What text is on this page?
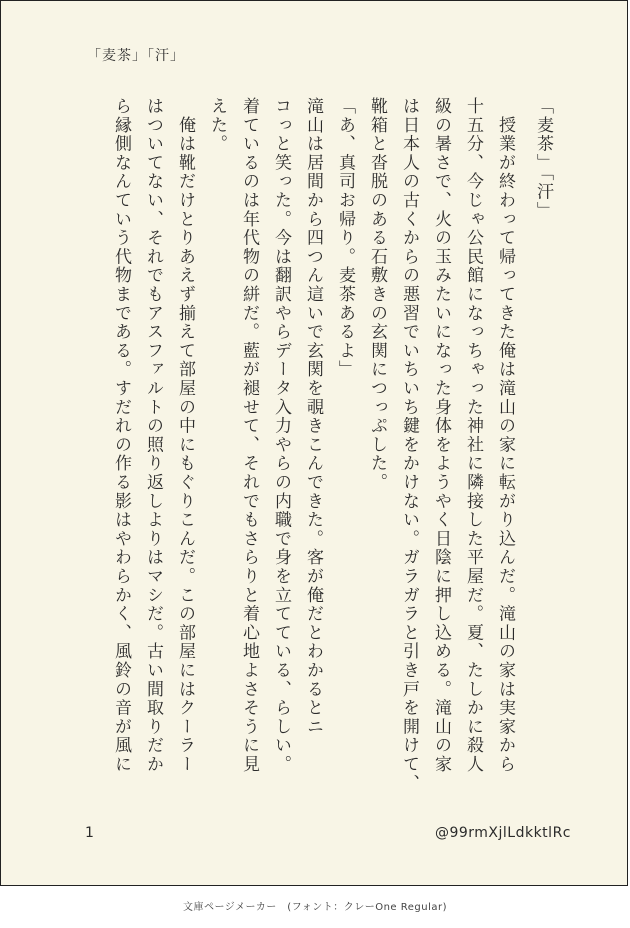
「麦茶」「汗」
「麦茶」「汗」
　授業が終わって帰ってきた俺は滝山の家に転がり込んだ。滝山の家は実家から
十五分、今じゃ公民館になっちゃった神社に隣接した平屋だ。夏、たしかに殺人
級の暑さで、火の玉みたいになった身体をようやく日陰に押し込める。滝山の家
は日本人の古くからの悪習でいちいち鍵をかけない。ガラガラと引き戸を開けて、
靴箱と沓脱のある石敷きの玄関につっぷした。
「あ、真司お帰り。麦茶あるよ」
滝山は居間から四つん這いで玄関を覗きこんできた。客が俺だとわかるとニ
コっと笑った。今は翻訳やらデータ入力やらの内職で身を立てている、らしい。
着ているのは年代物の絣だ。藍が褪せて、それでもさらりと着心地よさそうに見
えた。
　俺は靴だけとりあえず揃えて部屋の中にもぐりこんだ。この部屋にはクーラー
はついてない、それでもアスファルトの照り返しよりはマシだ。古い間取りだか
ら縁側なんていう代物まである。すだれの作る影はやわらかく、風鈴の音が風に
1	@99rmXjlLdkktlRc
文庫ページメーカー　(フォント：クレーOne Regular)
